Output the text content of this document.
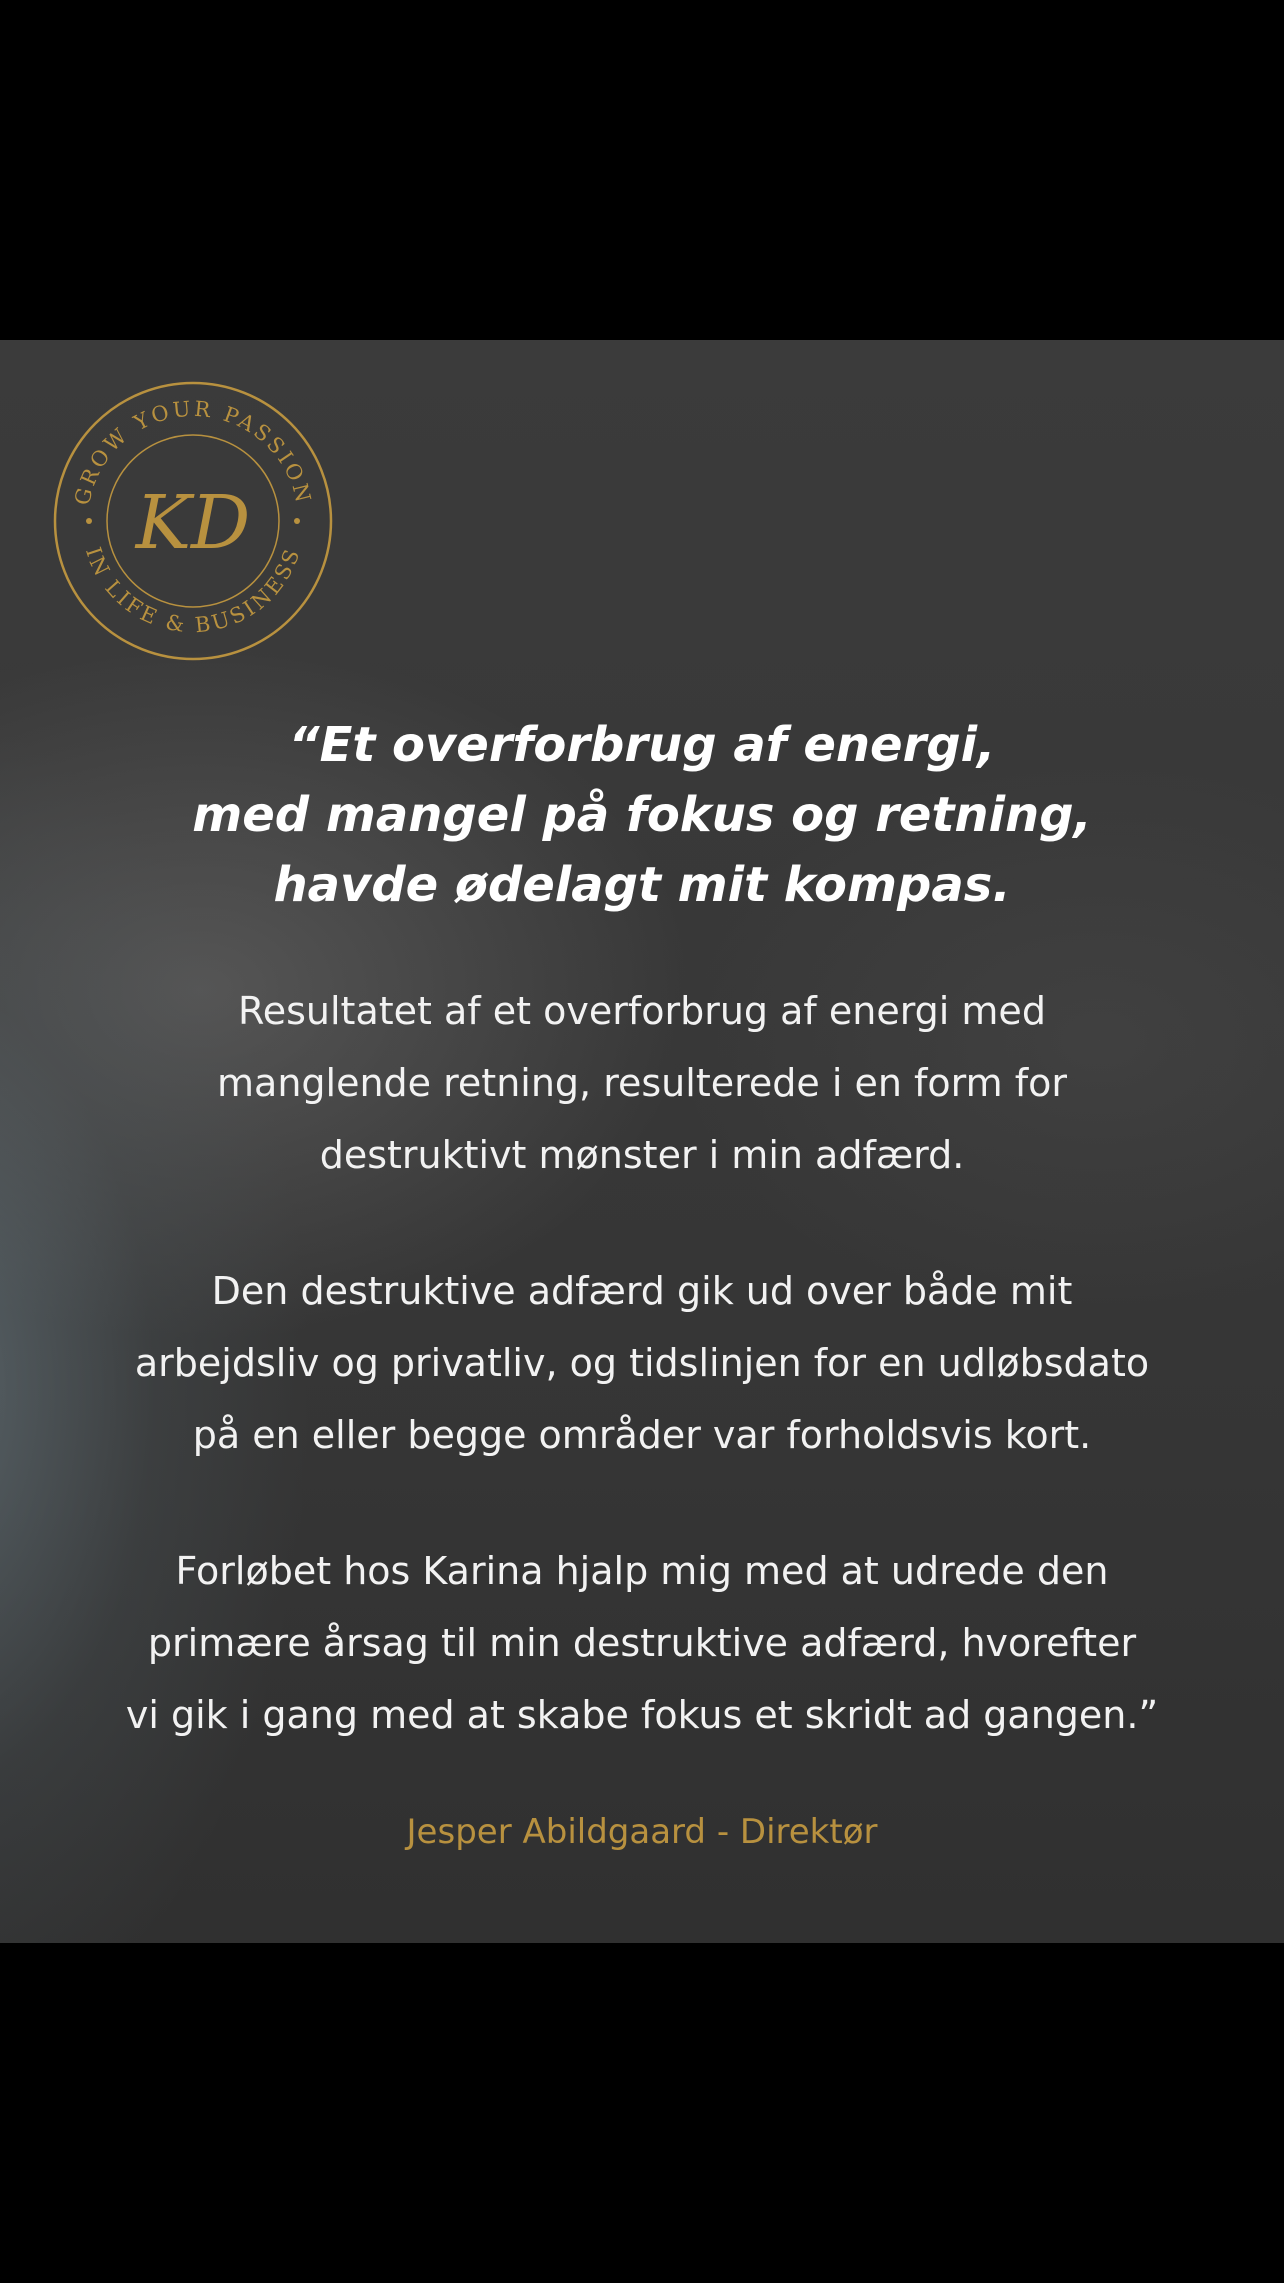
GROW YOUR PASSION
IN LIFE & BUSINESS
KD
“Et overforbrug af energi,
med mangel på fokus og retning,
havde ødelagt mit kompas.
Resultatet af et overforbrug af energi med
manglende retning, resulterede i en form for
destruktivt mønster i min adfærd.
Den destruktive adfærd gik ud over både mit
arbejdsliv og privatliv, og tidslinjen for en udløbsdato
på en eller begge områder var forholdsvis kort.
Forløbet hos Karina hjalp mig med at udrede den
primære årsag til min destruktive adfærd, hvorefter
vi gik i gang med at skabe fokus et skridt ad gangen.”
Jesper Abildgaard - Direktør
